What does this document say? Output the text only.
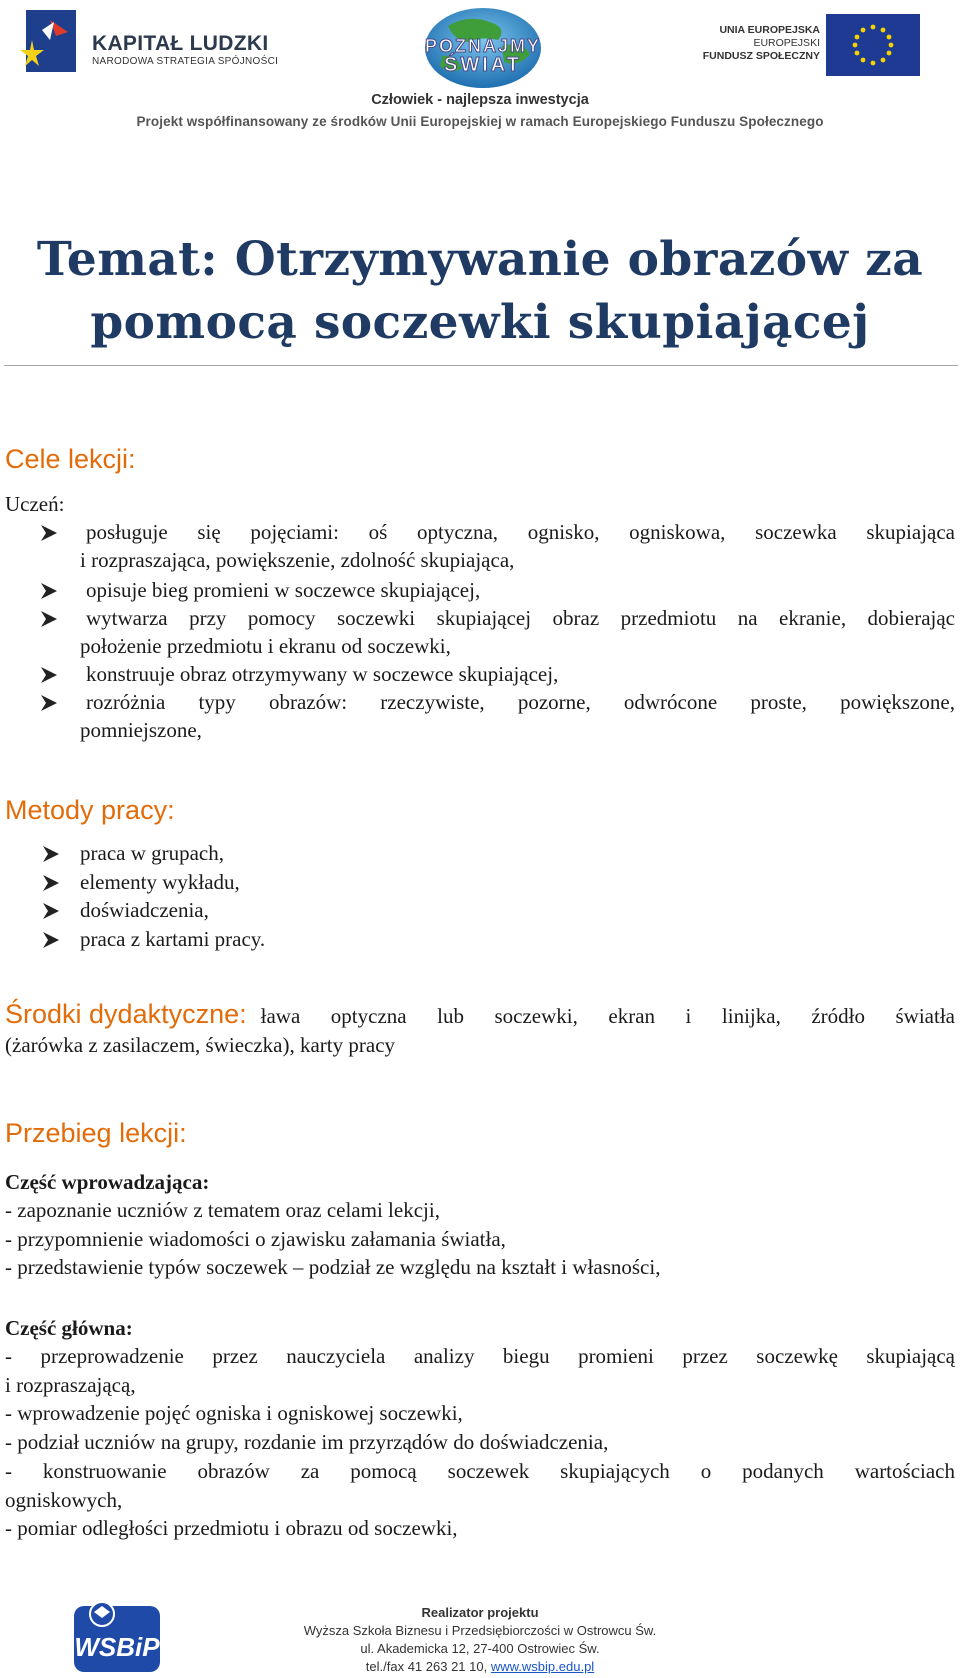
KAPITAŁ LUDZKI
NARODOWA STRATEGIA SPÓJNOŚCI
POZNAJMY
ŚWIAT
UNIA EUROPEJSKA
EUROPEJSKI
FUNDUSZ SPOŁECZNY
Człowiek - najlepsza inwestycja
Projekt współfinansowany ze środków Unii Europejskiej w ramach Europejskiego Funduszu Społecznego
Temat: Otrzymywanie obrazów za
pomocą soczewki skupiającej
Cele lekcji:
Uczeń:
posługuje się pojęciami: oś optyczna, ognisko, ogniskowa, soczewka skupiająca
i rozpraszająca, powiększenie, zdolność skupiająca,
opisuje bieg promieni w soczewce skupiającej,
wytwarza przy pomocy soczewki skupiającej obraz przedmiotu na ekranie, dobierając
położenie przedmiotu i ekranu od soczewki,
konstruuje obraz otrzymywany w soczewce skupiającej,
rozróżnia typy obrazów: rzeczywiste, pozorne, odwrócone proste, powiększone,
pomniejszone,
Metody pracy:
praca w grupach,
elementy wykładu,
doświadczenia,
praca z kartami pracy.
Środki dydaktyczne: ława optyczna lub soczewki, ekran i linijka, źródło światła
(żarówka z zasilaczem, świeczka), karty pracy
Przebieg lekcji:
Część wprowadzająca:
- zapoznanie uczniów z tematem oraz celami lekcji,
- przypomnienie wiadomości o zjawisku załamania światła,
- przedstawienie typów soczewek – podział ze względu na kształt i własności,
Część główna:
- przeprowadzenie przez nauczyciela analizy biegu promieni przez soczewkę skupiającą
i rozpraszającą,
- wprowadzenie pojęć ogniska i ogniskowej soczewki,
- podział uczniów na grupy, rozdanie im przyrządów do doświadczenia,
- konstruowanie obrazów za pomocą soczewek skupiających o podanych wartościach
ogniskowych,
- pomiar odległości przedmiotu i obrazu od soczewki,
WSBiP
Realizator projektu
Wyższa Szkoła Biznesu i Przedsiębiorczości w Ostrowcu Św.
ul. Akademicka 12, 27-400 Ostrowiec Św.
tel./fax 41 263 21 10, www.wsbip.edu.pl
